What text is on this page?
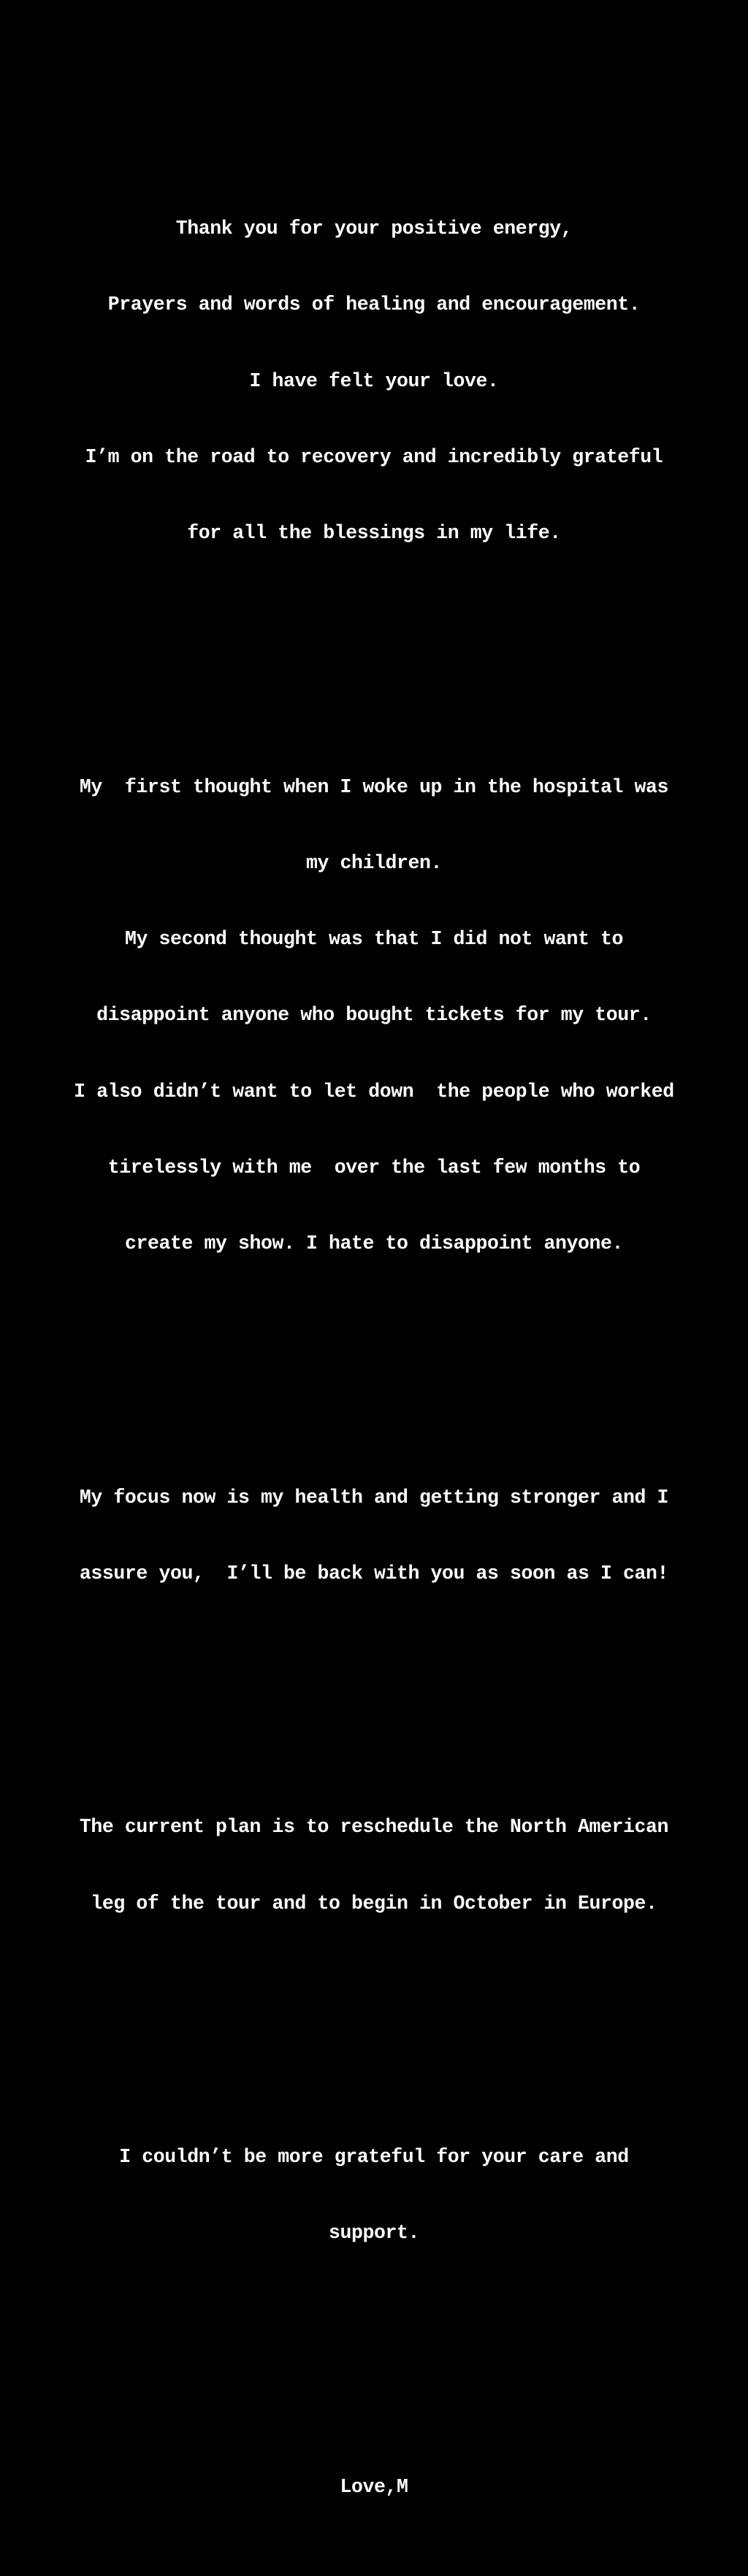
Thank you for your positive energy,

Prayers and words of healing and encouragement.

I have felt your love.

I’m on the road to recovery and incredibly grateful

for all the blessings in my life.

My  first thought when I woke up in the hospital was

my children.

My second thought was that I did not want to

disappoint anyone who bought tickets for my tour.

I also didn’t want to let down  the people who worked

tirelessly with me  over the last few months to

create my show. I hate to disappoint anyone.

My focus now is my health and getting stronger and I

assure you,  I’ll be back with you as soon as I can!

The current plan is to reschedule the North American

leg of the tour and to begin in October in Europe.

I couldn’t be more grateful for your care and

support.

Love,M
